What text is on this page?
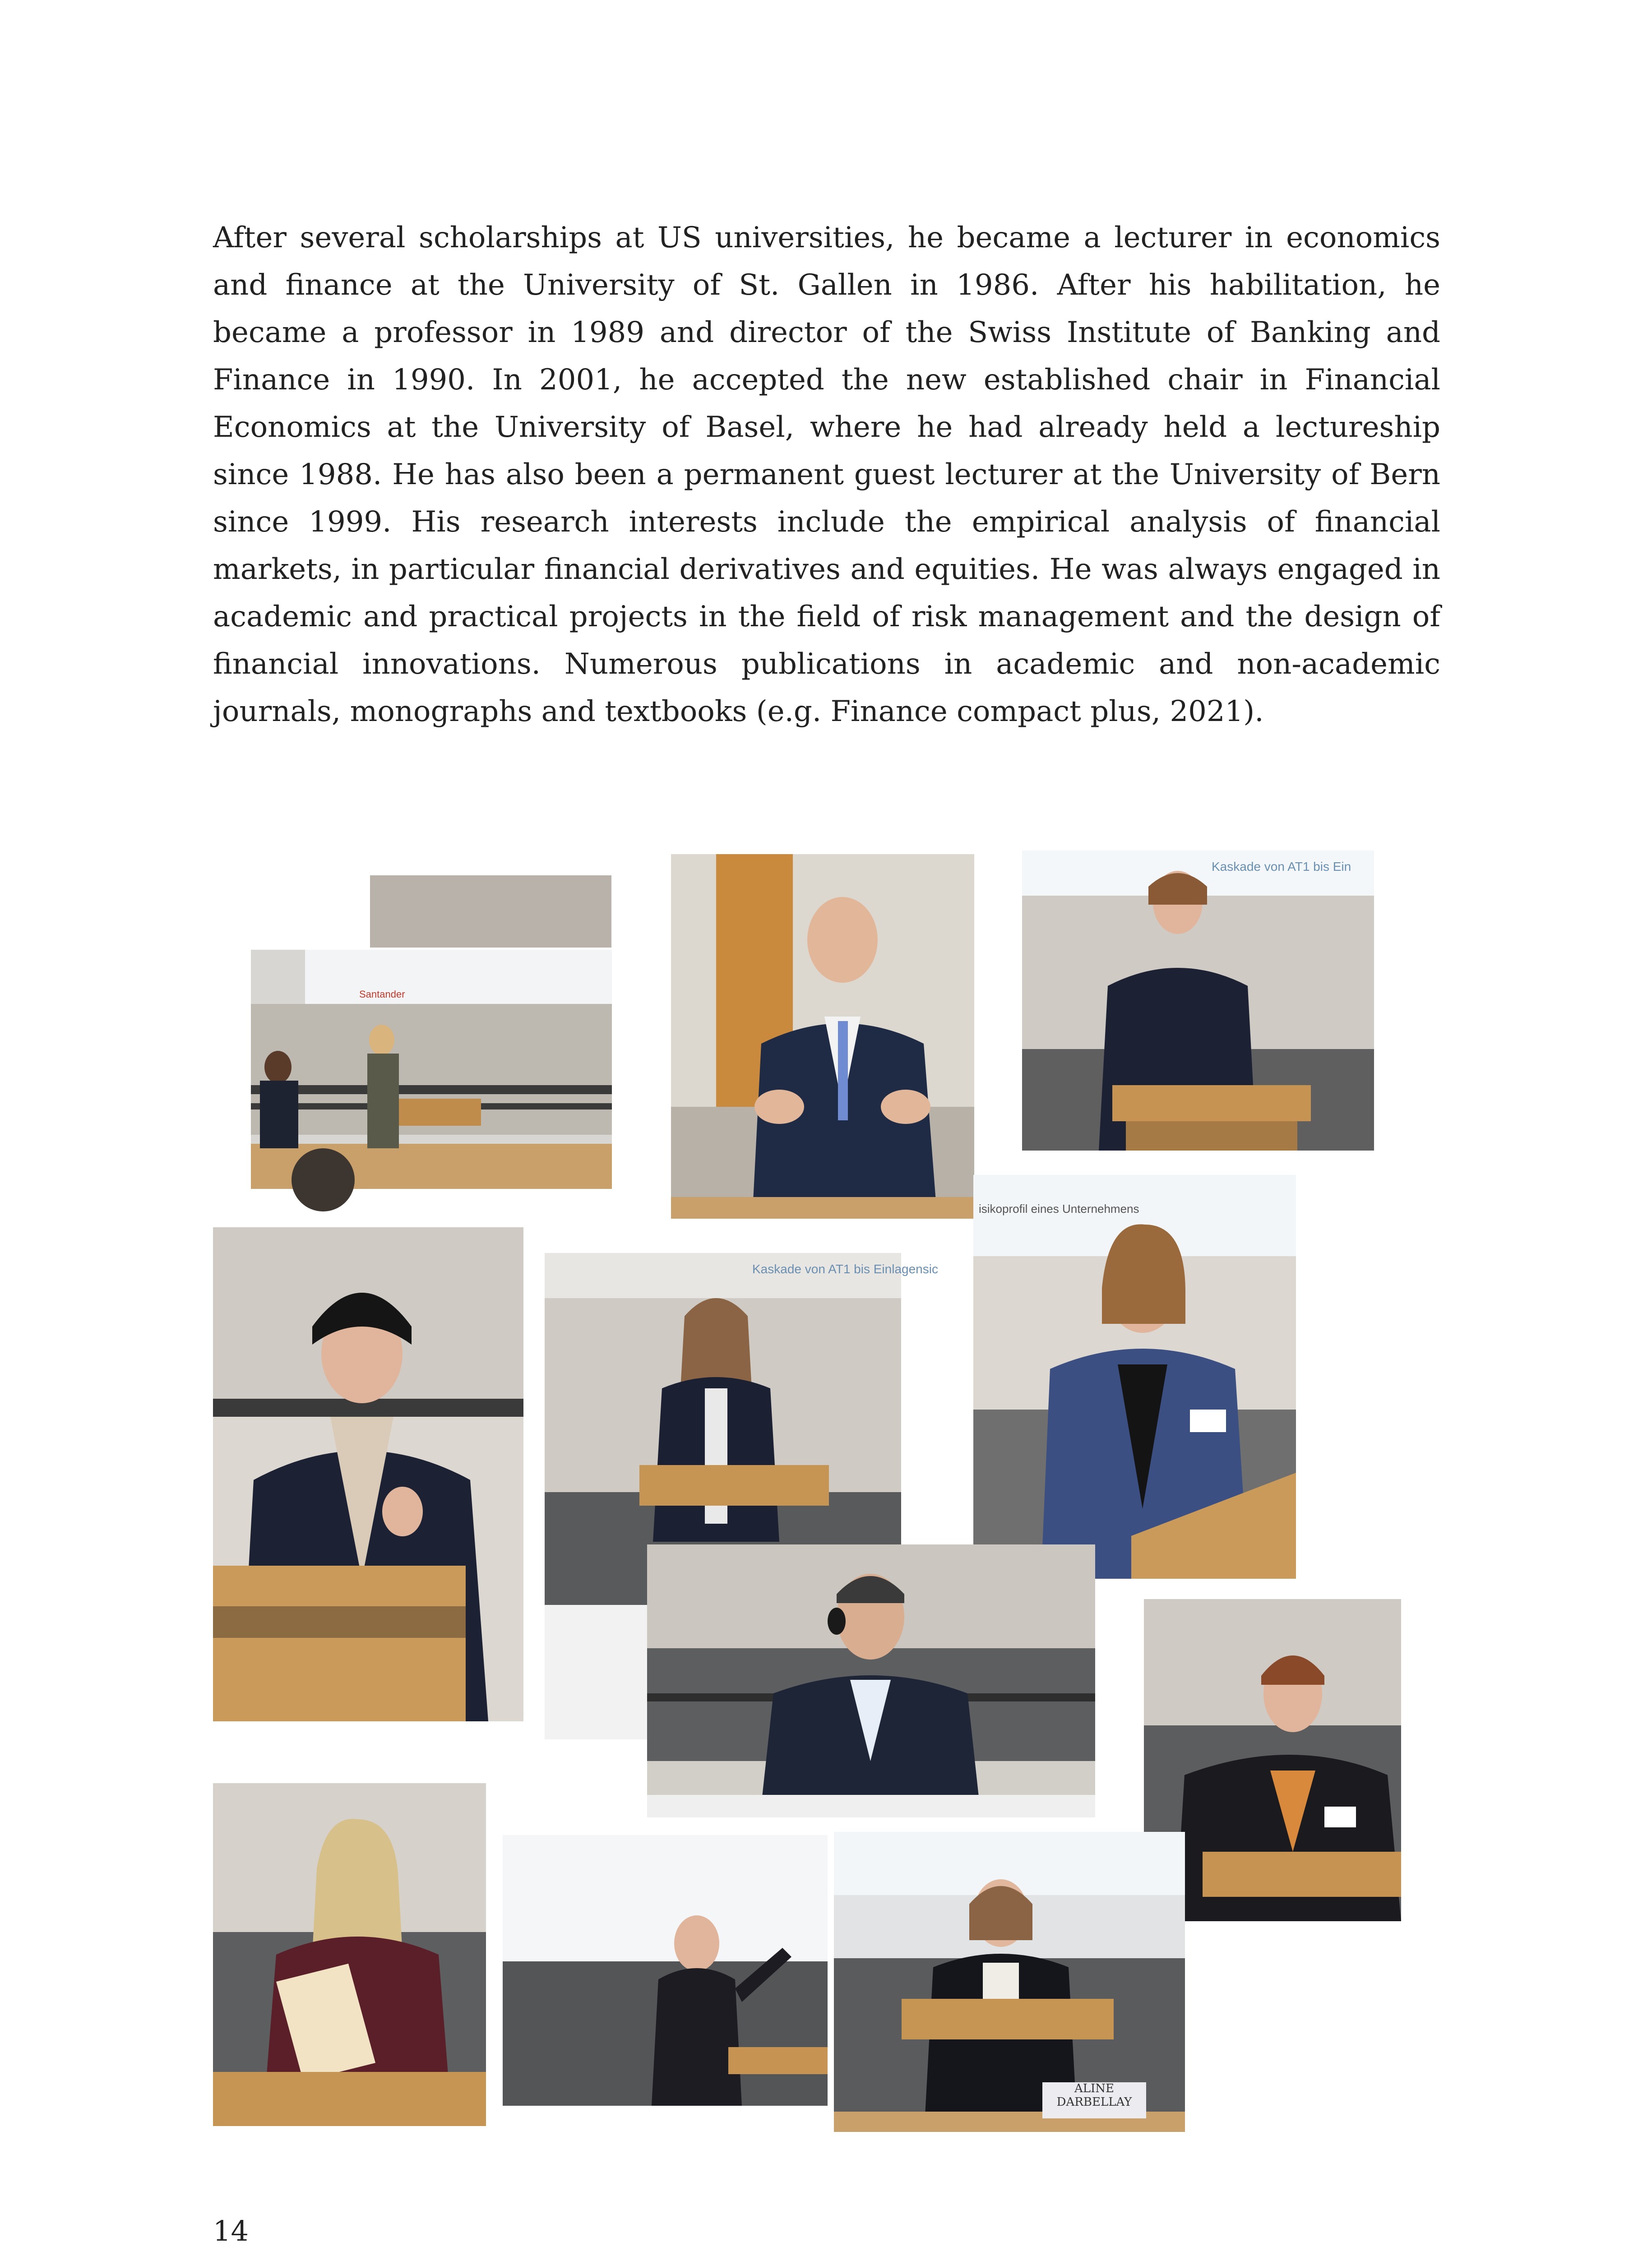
After several scholarships at US universities, he became a lecturer in economics and finance at the University of St. Gallen in 1986. After his habilitation, he became a professor in 1989 and director of the Swiss Institute of Banking and Finance in 1990. In 2001, he accepted the new established chair in Financial Economics at the University of Basel, where he had already held a lectureship since 1988. He has also been a permanent guest lecturer at the University of Bern since 1999. His research interests include the empirical analysis of financial markets, in particular financial derivatives and equities. He was always engaged in academic and practical projects in the field of risk management and the design of financial innovations. Numerous publications in academic and non-academic journals, monographs and textbooks (e.g. Finance compact plus, 2021).

Santander
Kaskade von AT1 bis Ein
Kaskade von AT1 bis Einlagensic
isikoprofil eines Unternehmens
ALINE
DARBELLAY
14
